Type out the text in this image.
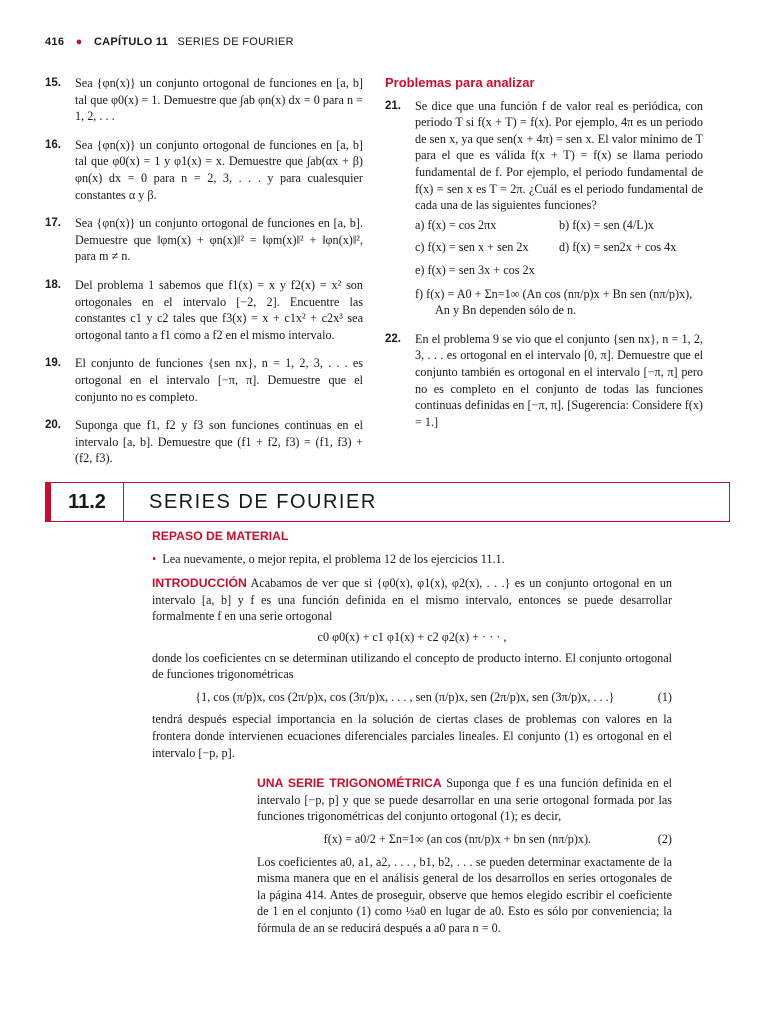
416 ● CAPÍTULO 11 SERIES DE FOURIER
15. Sea {φn(x)} un conjunto ortogonal de funciones en [a, b] tal que φ0(x) = 1. Demuestre que ∫ab φn(x) dx = 0 para n = 1, 2, . . .
16. Sea {φn(x)} un conjunto ortogonal de funciones en [a, b] tal que φ0(x) = 1 y φ1(x) = x. Demuestre que ∫ab(αx + β) φn(x) dx = 0 para n = 2, 3, . . . y para cualesquier constantes α y β.
17. Sea {φn(x)} un conjunto ortogonal de funciones en [a, b]. Demuestre que ‖φm(x) + φn(x)‖² = ‖φm(x)‖² + ‖φn(x)‖², para m ≠ n.
18. Del problema 1 sabemos que f1(x) = x y f2(x) = x² son ortogonales en el intervalo [−2, 2]. Encuentre las constantes c1 y c2 tales que f3(x) = x + c1x² + c2x³ sea ortogonal tanto a f1 como a f2 en el mismo intervalo.
19. El conjunto de funciones {sen nx}, n = 1, 2, 3, . . . es ortogonal en el intervalo [−π, π]. Demuestre que el conjunto no es completo.
20. Suponga que f1, f2 y f3 son funciones continuas en el intervalo [a, b]. Demuestre que (f1 + f2, f3) = (f1, f3) + (f2, f3).
Problemas para analizar
21. Se dice que una función f de valor real es periódica, con periodo T si f(x + T) = f(x). Por ejemplo, 4π es un periodo de sen x, ya que sen(x + 4π) = sen x. El valor mínimo de T para el que es válida f(x + T) = f(x) se llama periodo fundamental de f. Por ejemplo, el periodo fundamental de f(x) = sen x es T = 2π. ¿Cuál es el periodo fundamental de cada una de las siguientes funciones?
a) f(x) = cos 2πx	b) f(x) = sen (4/L)x
c) f(x) = sen x + sen 2x	d) f(x) = sen2x + cos 4x
e) f(x) = sen 3x + cos 2x
f) f(x) = A0 + Σn=1∞ (An cos (nπ/p)x + Bn sen (nπ/p)x),
An y Bn dependen sólo de n.
22. En el problema 9 se vio que el conjunto {sen nx}, n = 1, 2, 3, . . . es ortogonal en el intervalo [0, π]. Demuestre que el conjunto también es ortogonal en el intervalo [−π, π] pero no es completo en el conjunto de todas las funciones continuas definidas en [−π, π]. [Sugerencia: Considere f(x) = 1.]
11.2	SERIES DE FOURIER
REPASO DE MATERIAL
• Lea nuevamente, o mejor repita, el problema 12 de los ejercicios 11.1.
INTRODUCCIÓN Acabamos de ver que si {φ0(x), φ1(x), φ2(x), . . .} es un conjunto ortogonal en un intervalo [a, b] y f es una función definida en el mismo intervalo, entonces se puede desarrollar formalmente f en una serie ortogonal
c0 φ0(x) + c1 φ1(x) + c2 φ2(x) + · · · ,
donde los coeficientes cn se determinan utilizando el concepto de producto interno. El conjunto ortogonal de funciones trigonométricas
{1, cos (π/p)x, cos (2π/p)x, cos (3π/p)x, . . . , sen (π/p)x, sen (2π/p)x, sen (3π/p)x, . . .}	(1)
tendrá después especial importancia en la solución de ciertas clases de problemas con valores en la frontera donde intervienen ecuaciones diferenciales parciales lineales. El conjunto (1) es ortogonal en el intervalo [−p, p].
UNA SERIE TRIGONOMÉTRICA Suponga que f es una función definida en el intervalo [−p, p] y que se puede desarrollar en una serie ortogonal formada por las funciones trigonométricas del conjunto ortogonal (1); es decir,
f(x) = a0/2 + Σn=1∞ (an cos (nπ/p)x + bn sen (nπ/p)x).	(2)
Los coeficientes a0, a1, a2, . . . , b1, b2, . . . se pueden determinar exactamente de la misma manera que en el análisis general de los desarrollos en series ortogonales de la página 414. Antes de proseguir, observe que hemos elegido escribir el coeficiente de 1 en el conjunto (1) como ½a0 en lugar de a0. Esto es sólo por conveniencia; la fórmula de an se reducirá después a a0 para n = 0.
